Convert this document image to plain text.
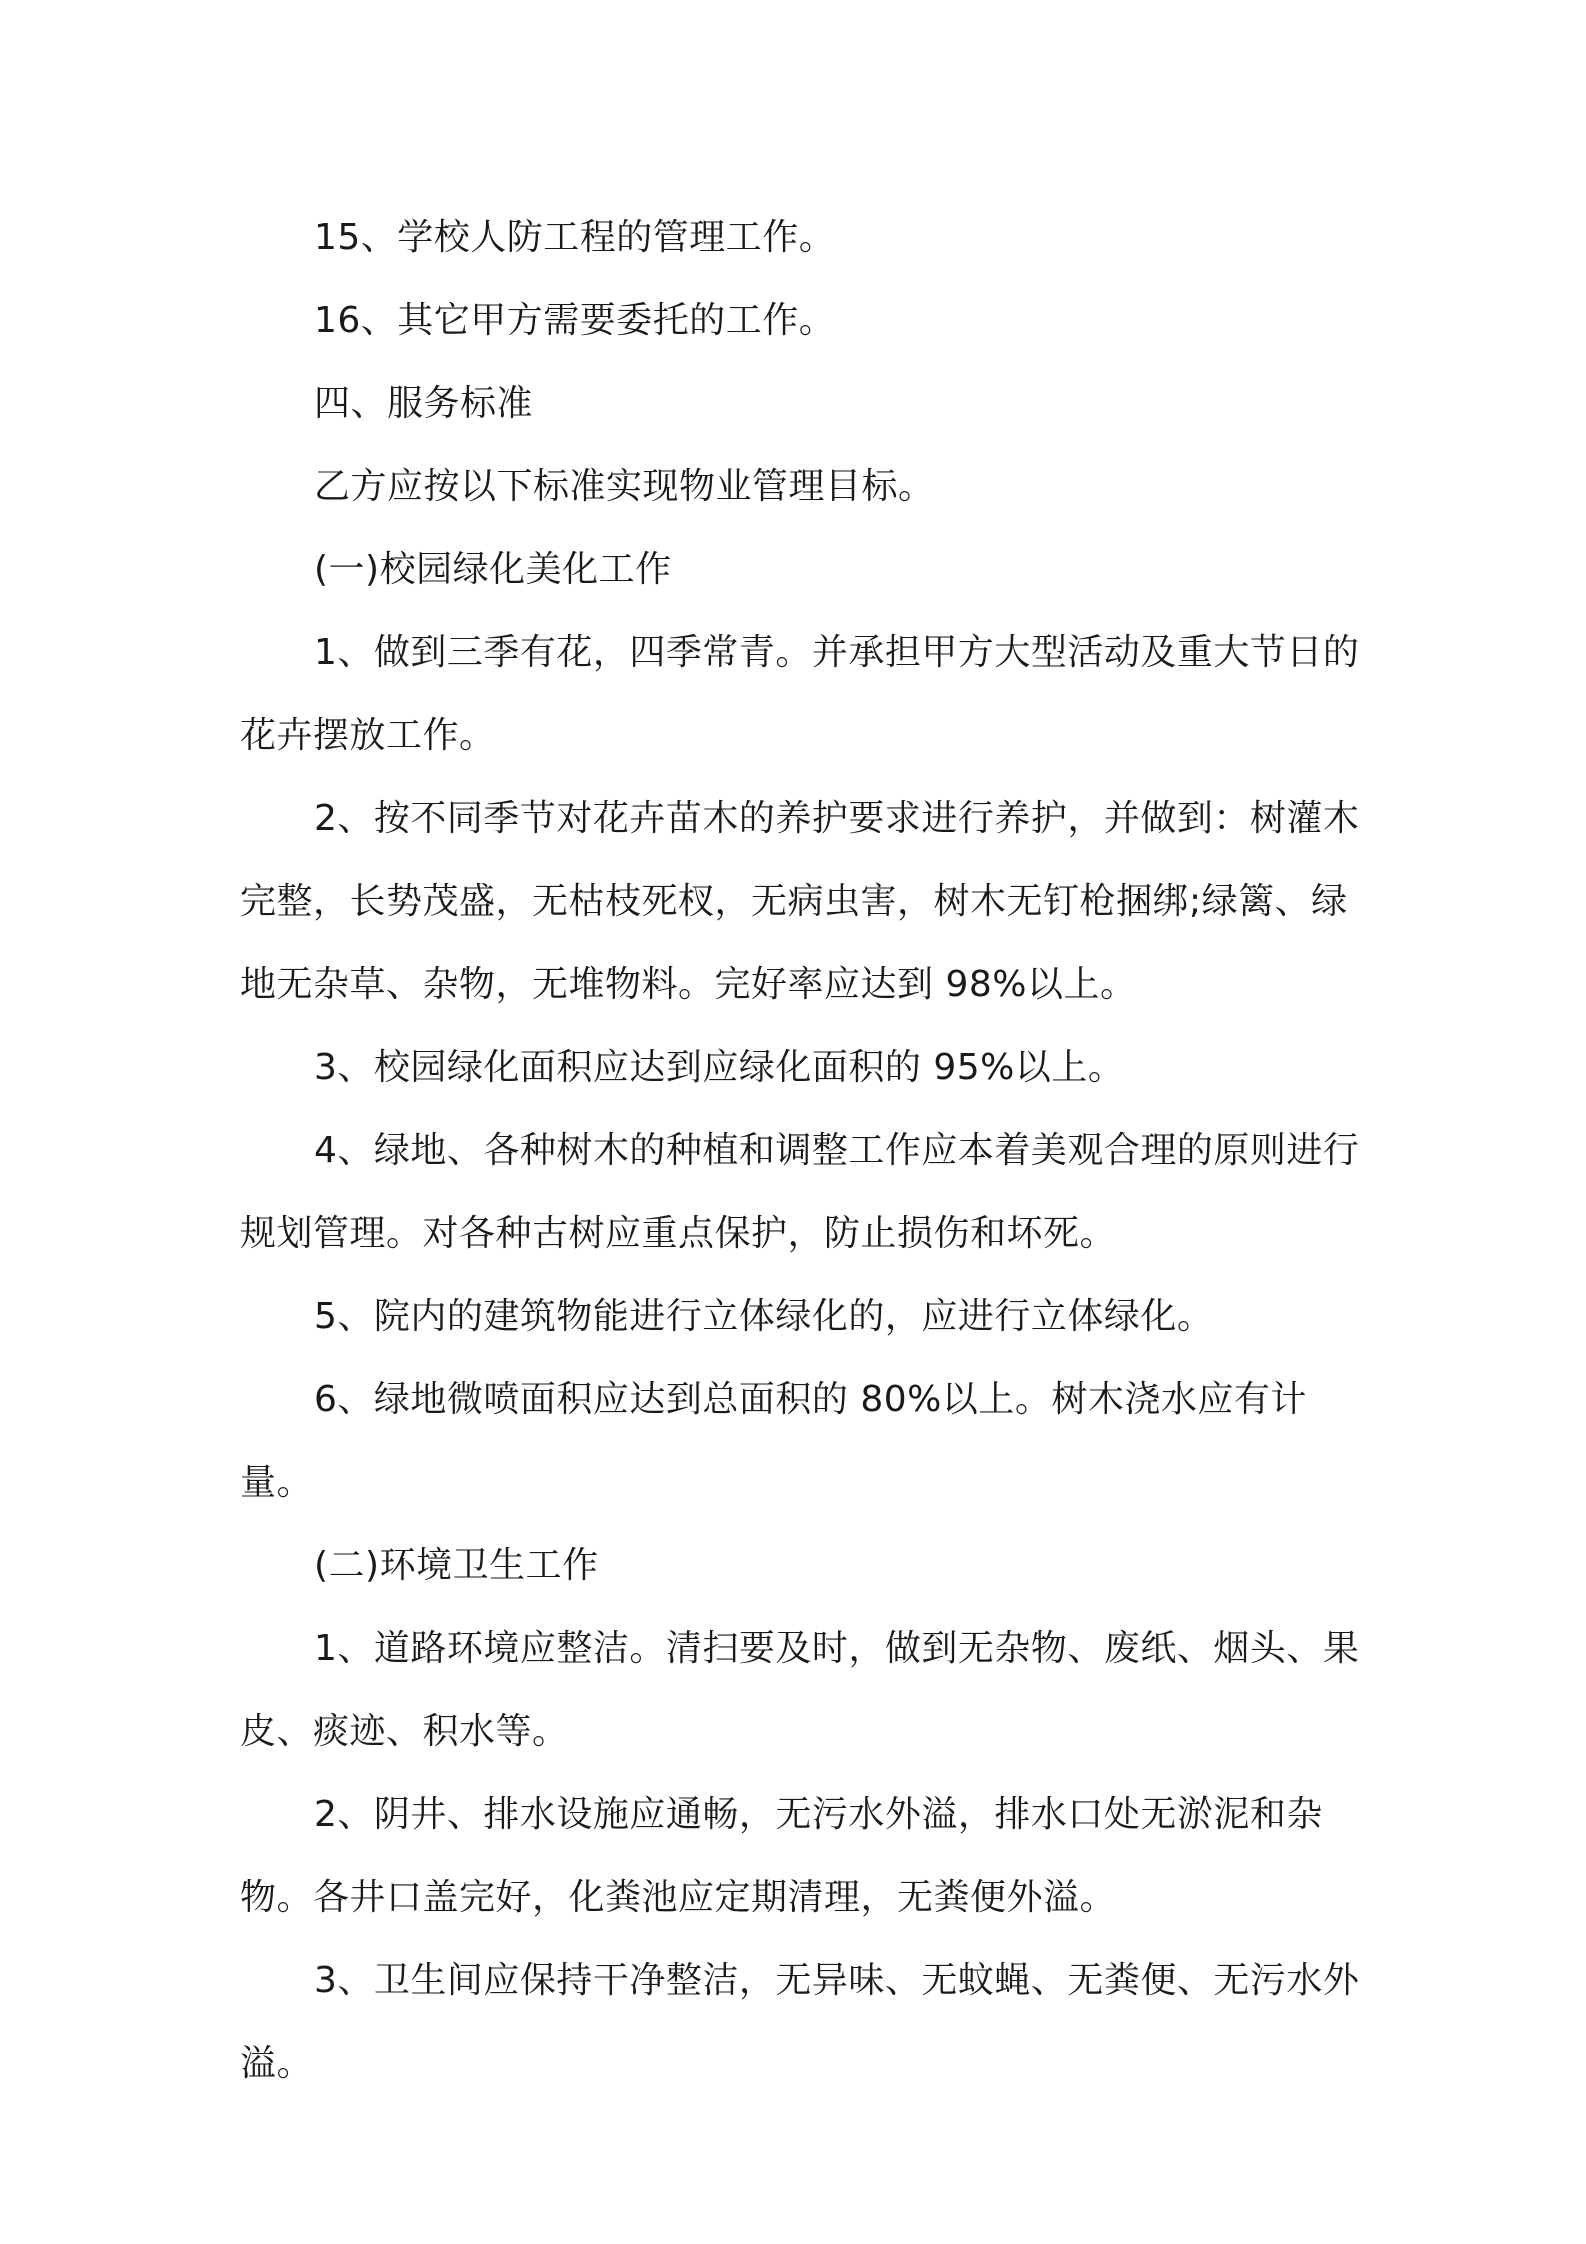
15、学校人防工程的管理工作。

16、其它甲方需要委托的工作。

四、服务标准

乙方应按以下标准实现物业管理目标。

(一)校园绿化美化工作

1、做到三季有花，四季常青。并承担甲方大型活动及重大节日的花卉摆放工作。

2、按不同季节对花卉苗木的养护要求进行养护，并做到：树灌木完整，长势茂盛，无枯枝死杈，无病虫害，树木无钉枪捆绑;绿篱、绿地无杂草、杂物，无堆物料。完好率应达到 98%以上。

3、校园绿化面积应达到应绿化面积的 95%以上。

4、绿地、各种树木的种植和调整工作应本着美观合理的原则进行规划管理。对各种古树应重点保护，防止损伤和坏死。

5、院内的建筑物能进行立体绿化的，应进行立体绿化。

6、绿地微喷面积应达到总面积的 80%以上。树木浇水应有计量。

(二)环境卫生工作

1、道路环境应整洁。清扫要及时，做到无杂物、废纸、烟头、果皮、痰迹、积水等。

2、阴井、排水设施应通畅，无污水外溢，排水口处无淤泥和杂物。各井口盖完好，化粪池应定期清理，无粪便外溢。

3、卫生间应保持干净整洁，无异味、无蚊蝇、无粪便、无污水外溢。
